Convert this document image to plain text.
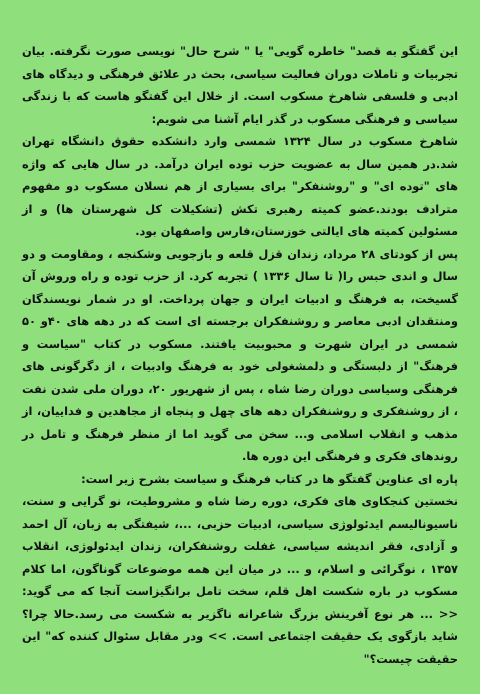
این گفتگو به قصد" خاطره گویی" یا " شرح حال" نویسی صورت نگرفته. بیان تجربیات و تاملات دوران فعالیت سیاسی، بحث در علائق فرهنگی و دیدگاه های ادبی و فلسفی شاهرخ مسکوب است. از خلال این گفتگو هاست که با زندگی سیاسی و فرهنگی مسکوب در گذر ایام آشنا می شویم:

شاهرخ مسکوب در سال ۱۳۲۴ شمسی وارد دانشکده حقوق دانشگاه تهران شد.در همین سال به عضویت حزب توده ایران درآمد. در سال هایی که واژه های "توده ای" و "روشنفکر" برای بسیاری از هم نسلان مسکوب دو مفهوم مترادف بودند.عضو کمیته رهبری تکش (تشکیلات کل شهرستان ها) و از مسئولین کمیته های ایالتی خوزستان،فارس واصفهان بود.

پس از کودتای ۲۸ مرداد، زندان قزل قلعه و بازجویی وشکنجه ، ومقاومت و دو سال و اندی حبس را( تا سال ۱۳۳۶ ) تجربه کرد. از حزب توده و راه وروش آن گسیخت، به فرهنگ و ادبیات ایران و جهان پرداخت. او در شمار نویسندگان ومنتقدان ادبی معاصر و روشنفکران برجسته ای است که در دهه های ۴۰و ۵۰ شمسی در ایران شهرت و محبوبیت یافتند. مسکوب در کتاب "سیاست و فرهنگ" از دلبستگی و دلمشغولی خود به فرهنگ وادبیات ، از دگرگونی های فرهنگی وسیاسی دوران رضا شاه ، پس از شهریور ۲۰، دوران ملی شدن نفت ، از روشنفکری و روشنفکران دهه های چهل و پنجاه از مجاهدین و فداییان، از مذهب و انقلاب اسلامی و... سخن می گوید اما از منظر فرهنگ و تامل در روندهای فکری و فرهنگی این دوره ها.

پاره ای عناوین گفتگو ها در کتاب فرهنگ و سیاست بشرح زیر است:

نخستین کنجکاوی های فکری، دوره رضا شاه و مشروطیت، نو گرایی و سنت، ناسیونالیسم ایدئولوژی سیاسی، ادبیات حزبی، ...، شیفتگی به زبان، آل احمد و آزادی، فقر اندیشه سیاسی، غفلت روشنفکران، زندان ایدئولوژی، انقلاب ۱۳۵۷ ، نوگرائی و اسلام، و ... در میان این همه موضوعات گوناگون، اما کلام مسکوب در باره شکست اهل قلم، سخت تامل برانگیزاست آنجا که می گوید:<< ... هر نوع آفرینش بزرگ شاعرانه ناگزیر به شکست می رسد.حالا چرا؟ شاید بازگوی یک حقیقت اجتماعی است. >> ودر مقابل سئوال کننده که" این حقیقت چیست؟"
